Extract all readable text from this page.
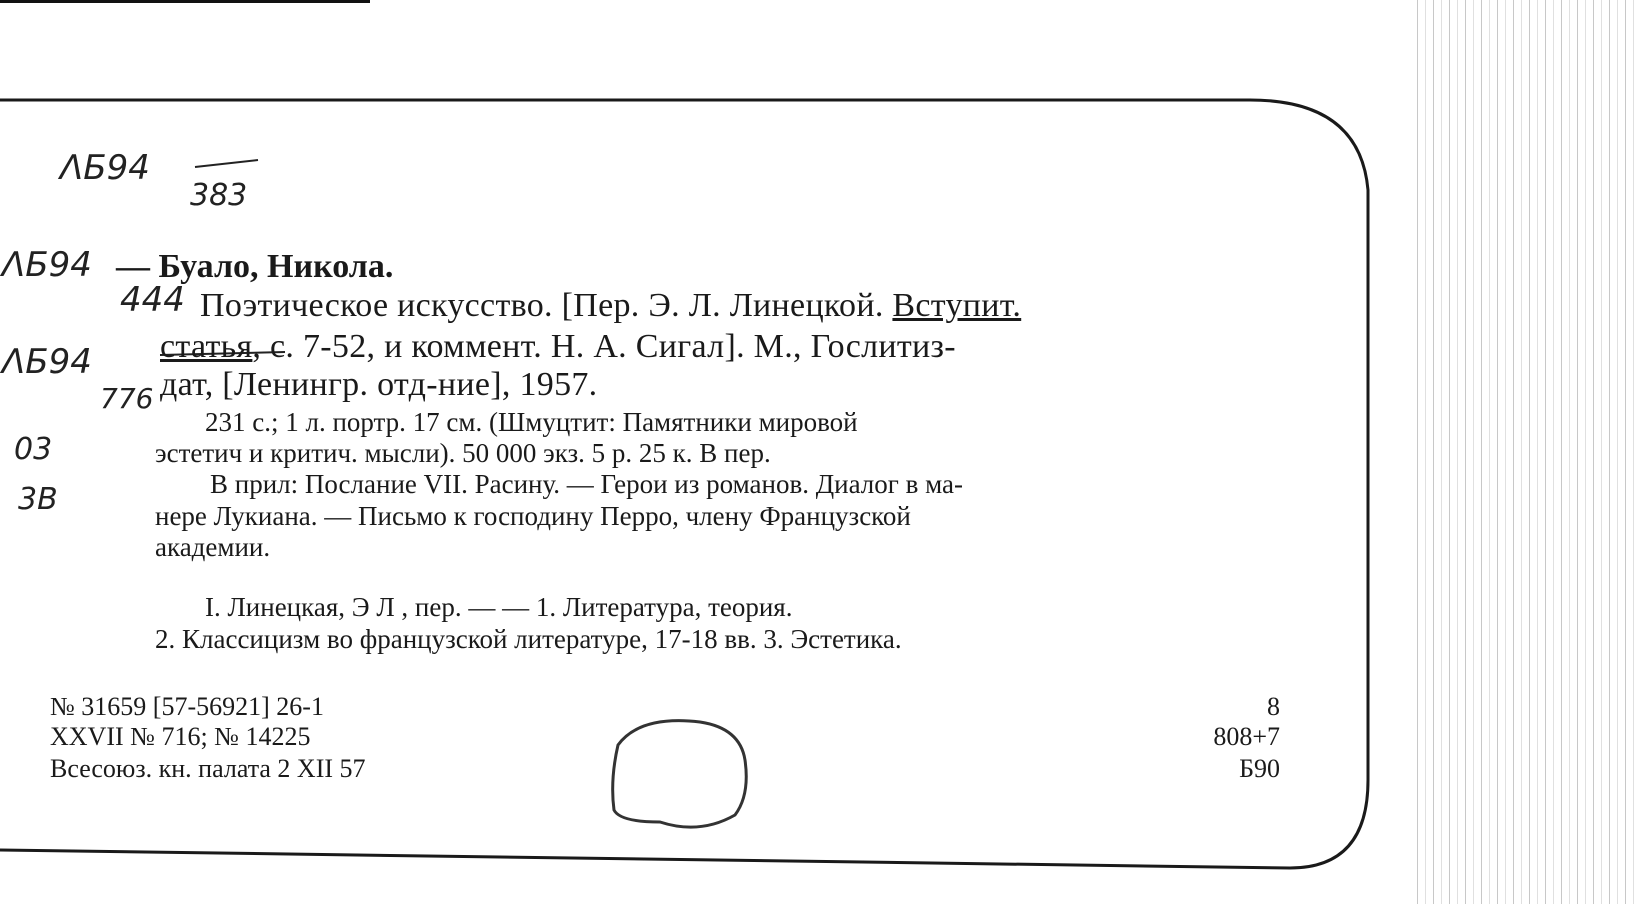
ΛБ94
383
ΛБ94
444
ΛБ94
776
03
3В
— Буало, Никола.
Поэтическое искусство. [Пер. Э. Л. Линецкой. Вступит.
статья, с. 7-52, и коммент. Н. А. Сигал]. М., Гослитиз-
дат, [Ленингр. отд-ние], 1957.
231 с.; 1 л. портр. 17 см. (Шмуцтит: Памятники мировой
эстетич и критич. мысли). 50 000 экз. 5 р. 25 к. В пер.
В прил: Послание VII. Расину. — Герои из романов. Диалог в ма-
нере Лукиана. — Письмо к господину Перро, члену Французской
академии.
I. Линецкая, Э Л , пер. — — 1. Литература, теория.
2. Классицизм во французской литературе, 17-18 вв. 3. Эстетика.
№ 31659 [57-56921] 26-1
XXVII № 716; № 14225
Всесоюз. кн. палата 2 XII 57
8
808+7
Б90
